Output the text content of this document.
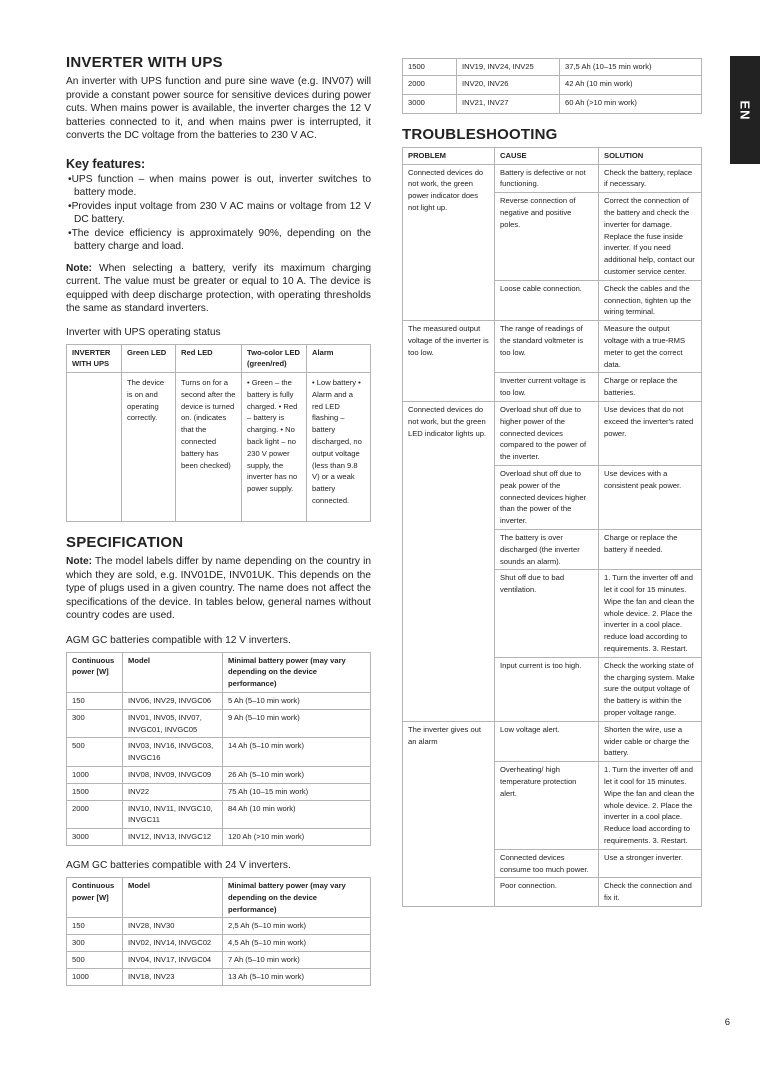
EN
INVERTER WITH UPS

An inverter with UPS function and pure sine wave (e.g. INV07) will provide a constant power source for sensitive devices during power cuts. When mains power is available, the inverter charges the 12 V batteries connected to it, and when mains pwer is interrupted, it converts the DC voltage from the batteries to 230 V AC.

Key features:
• UPS function – when mains power is out, inverter switches to battery mode.
• Provides input voltage from 230 V AC mains or voltage from 12 V DC battery.
• The device efficiency is approximately 90%, depending on the battery charge and load.

Note: When selecting a battery, verify its maximum charging current. The value must be greater or equal to 10 A. The device is equipped with deep discharge protection, with operating thresholds the same as standard inverters.

Inverter with UPS operating status
INVERTER WITH UPS	Green LED	Red LED	Two-color LED (green/red)	Alarm
	The device is on and operating correctly.	Turns on for a second after the device is turned on. (indicates that the connected battery has been checked)	• Green – the battery is fully charged. • Red – battery is charging. • No back light – no 230 V power supply, the inverter has no power supply.	• Low battery • Alarm and a red LED flashing – battery discharged, no output voltage (less than 9.8 V) or a weak battery connected.
SPECIFICATION

Note: The model labels differ by name depending on the country in which they are sold, e.g. INV01DE, INV01UK. This depends on the type of plugs used in a given country. The name does not affect the specifications of the device. In tables below, general names without country codes are used.

AGM GC batteries compatible with 12 V inverters.
Continuous power [W]	Model	Minimal battery power (may vary depending on the device performance)
150	INV06, INV29, INVGC06	5 Ah (5–10 min work)
300	INV01, INV05, INV07, INVGC01, INVGC05	9 Ah (5–10 min work)
500	INV03, INV16, INVGC03, INVGC16	14 Ah (5–10 min work)
1000	INV08, INV09, INVGC09	26 Ah (5–10 min work)
1500	INV22	75 Ah (10–15 min work)
2000	INV10, INV11, INVGC10, INVGC11	84 Ah (10 min work)
3000	INV12, INV13, INVGC12	120 Ah (>10 min work)
AGM GC batteries compatible with 24 V inverters.
Continuous power [W]	Model	Minimal battery power (may vary depending on the device performance)
150	INV28, INV30	2,5 Ah (5–10 min work)
300	INV02, INV14, INVGC02	4,5 Ah (5–10 min work)
500	INV04, INV17, INVGC04	7 Ah (5–10 min work)
1000	INV18, INV23	13 Ah (5–10 min work)
1500	INV19, INV24, INV25	37,5 Ah (10–15 min work)
2000	INV20, INV26	42 Ah (10 min work)
3000	INV21, INV27	60 Ah (>10 min work)
TROUBLESHOOTING
PROBLEM	CAUSE	SOLUTION
Connected devices do not work, the green power indicator does not light up.	Battery is defective or not functioning.	Check the battery, replace if necessary.
	Reverse connection of negative and positive poles.	Correct the connection of the battery and check the inverter for damage. Replace the fuse inside inverter. If you need additional help, contact our customer service center.
	Loose cable connection.	Check the cables and the connection, tighten up the wiring terminal.
The measured output voltage of the inverter is too low.	The range of readings of the standard voltmeter is too low.	Measure the output voltage with a true-RMS meter to get the correct data.
	Inverter current voltage is too low.	Charge or replace the batteries.
Connected devices do not work, but the green LED indicator lights up.	Overload shut off due to higher power of the connected devices compared to the power of the inverter.	Use devices that do not exceed the inverter's rated power.
	Overload shut off due to peak power of the connected devices higher than the power of the inverter.	Use devices with a consistent peak power.
	The battery is over discharged (the inverter sounds an alarm).	Charge or replace the battery if needed.
	Shut off due to bad ventilation.	1. Turn the inverter off and let it cool for 15 minutes. Wipe the fan and clean the whole device. 2. Place the inverter in a cool place. reduce load according to requirements. 3. Restart.
	Input current is too high.	Check the working state of the charging system. Make sure the output voltage of the battery is within the proper voltage range.
The inverter gives out an alarm	Low voltage alert.	Shorten the wire, use a wider cable or charge the battery.
	Overheating/ high temperature protection alert.	1. Turn the inverter off and let it cool for 15 minutes. Wipe the fan and clean the whole device. 2. Place the inverter in a cool place. Reduce load according to requirements. 3. Restart.
	Connected devices consume too much power.	Use a stronger inverter.
	Poor connection.	Check the connection and fix it.
6
